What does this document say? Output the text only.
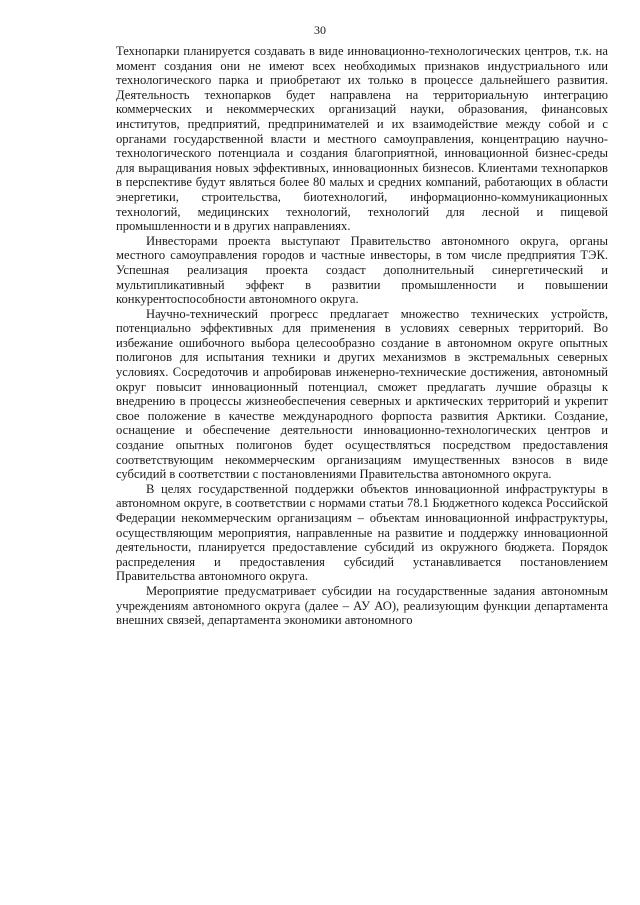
30

Технопарки планируется создавать в виде инновационно-технологических центров, т.к. на момент создания они не имеют всех необходимых признаков индустриального или технологического парка и приобретают их только в процессе дальнейшего развития. Деятельность технопарков будет направлена на территориальную интеграцию коммерческих и некоммерческих организаций науки, образования, финансовых институтов, предприятий, предпринимателей и их взаимодействие между собой и с органами государственной власти и местного самоуправления, концентрацию научно-технологического потенциала и создания благоприятной, инновационной бизнес-среды для выращивания новых эффективных, инновационных бизнесов. Клиентами технопарков в перспективе будут являться более 80 малых и средних компаний, работающих в области энергетики, строительства, биотехнологий, информационно-коммуникационных технологий, медицинских технологий, технологий для лесной и пищевой промышленности и в других направлениях.

Инвесторами проекта выступают Правительство автономного округа, органы местного самоуправления городов и частные инвесторы, в том числе предприятия ТЭК. Успешная реализация проекта создаст дополнительный синергетический и мультипликативный эффект в развитии промышленности и повышении конкурентоспособности автономного округа.

Научно-технический прогресс предлагает множество технических устройств, потенциально эффективных для применения в условиях северных территорий. Во избежание ошибочного выбора целесообразно создание в автономном округе опытных полигонов для испытания техники и других механизмов в экстремальных северных условиях. Сосредоточив и апробировав инженерно-технические достижения, автономный округ повысит инновационный потенциал, сможет предлагать лучшие образцы к внедрению в процессы жизнеобеспечения северных и арктических территорий и укрепит свое положение в качестве международного форпоста развития Арктики. Создание, оснащение и обеспечение деятельности инновационно-технологических центров и создание опытных полигонов будет осуществляться посредством предоставления соответствующим некоммерческим организациям имущественных взносов в виде субсидий в соответствии с постановлениями Правительства автономного округа.

В целях государственной поддержки объектов инновационной инфраструктуры в автономном округе, в соответствии с нормами статьи 78.1 Бюджетного кодекса Российской Федерации некоммерческим организациям – объектам инновационной инфраструктуры, осуществляющим мероприятия, направленные на развитие и поддержку инновационной деятельности, планируется предоставление субсидий из окружного бюджета. Порядок распределения и предоставления субсидий устанавливается постановлением Правительства автономного округа.

Мероприятие предусматривает субсидии на государственные задания автономным учреждениям автономного округа (далее – АУ АО), реализующим функции департамента внешних связей, департамента экономики автономного
